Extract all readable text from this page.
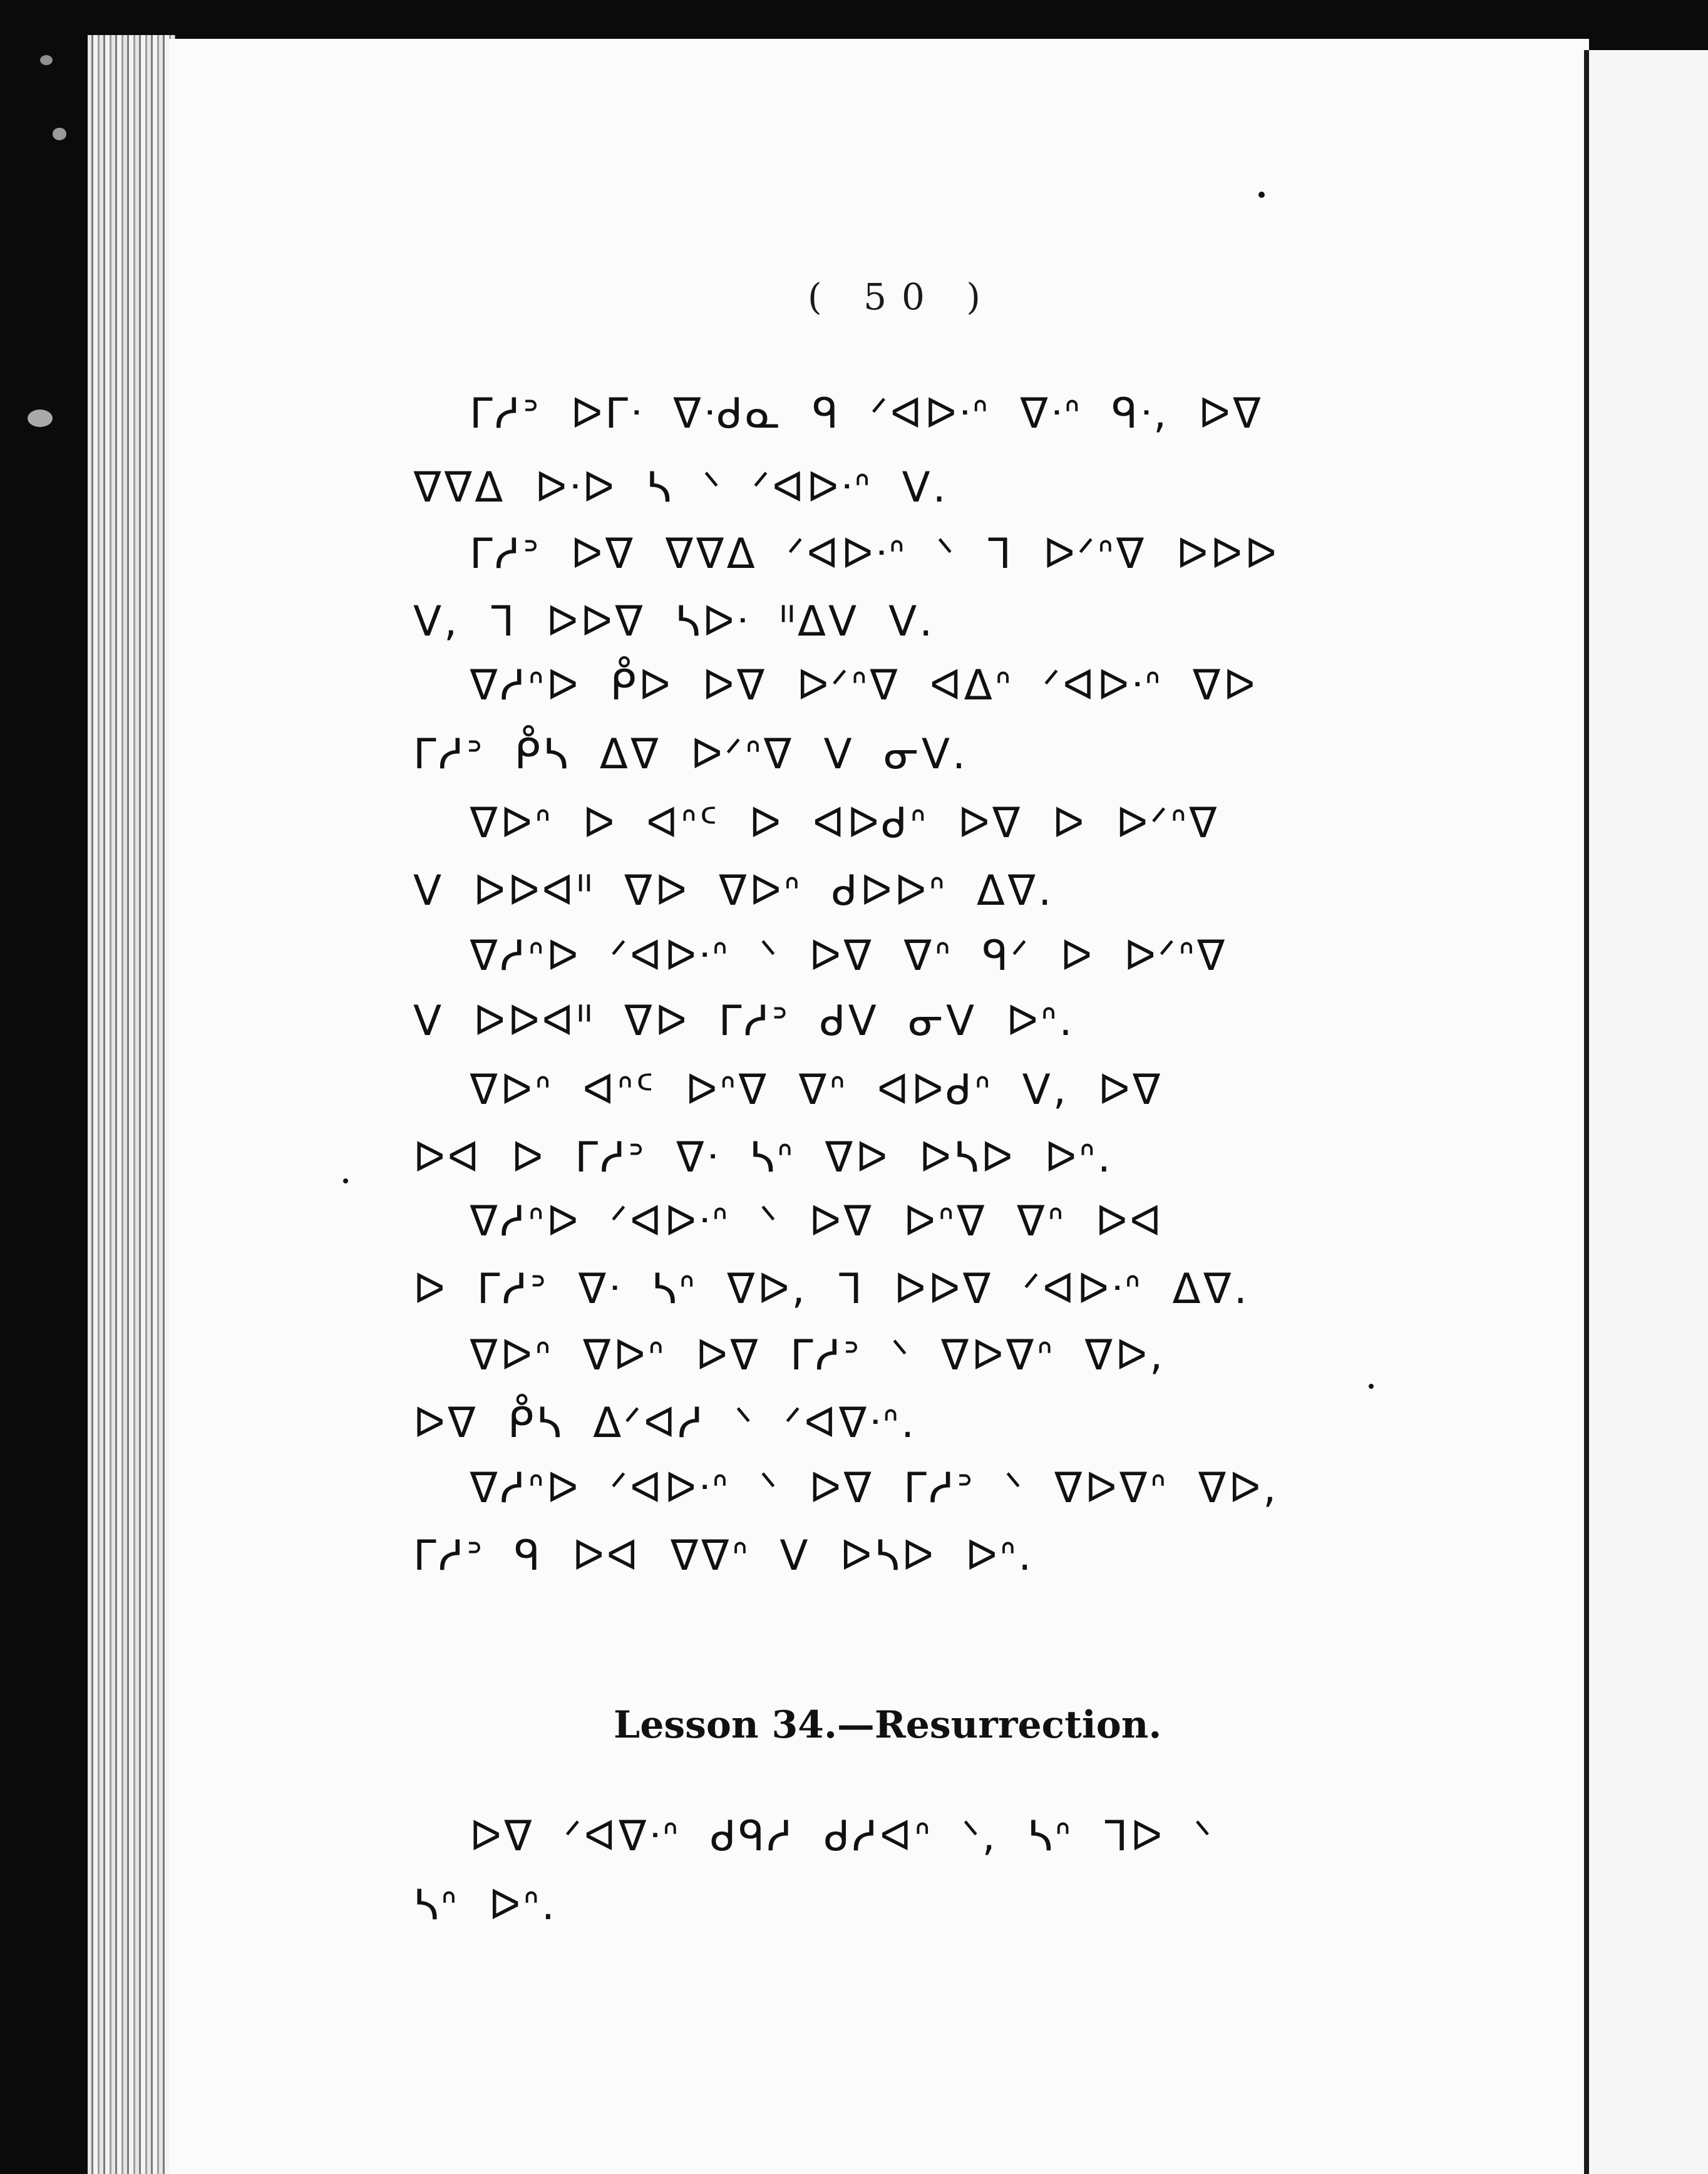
( 50 )
ᒥᓱᐣ ᐅᒥᐧ ᐁᐧᑯᓇ ᑫ ᐟᐊᐅᐧᐢ ᐁᐧᐢ ᑫᐧ, ᐅᐁ
ᐁᐁᐃ ᐅᐧᐅ ᓴ ᐠ ᐟᐊᐅᐧᐢ ᐯ.
ᒥᓱᐣ ᐅᐁ ᐁᐁᐃ ᐟᐊᐅᐧᐢ ᐠ ᒣ ᐅᐟᐢᐁ ᐅᐅᐅ
ᐯ, ᒣ ᐅᐅᐁ ᓴᐅᐧ ᐦᐃᐯ ᐯ.
ᐁᓱᐢᐅ ᑬᐅ ᐅᐁ ᐅᐟᐢᐁ ᐊᐃᐢ ᐟᐊᐅᐧᐢ ᐁᐅ
ᒥᓱᐣ ᑬᓴ ᐃᐁ ᐅᐟᐢᐁ ᐯ ᓂᐯ.
ᐁᐅᐢ ᐅ ᐊᐢᑦ ᐅ ᐊᐅᑯᐢ ᐅᐁ ᐅ ᐅᐟᐢᐁ
ᐯ ᐅᐅᐊᐦ ᐁᐅ ᐁᐅᐢ ᑯᐅᐅᐢ ᐃᐁ.
ᐁᓱᐢᐅ ᐟᐊᐅᐧᐢ ᐠ ᐅᐁ ᐁᐢ ᑫᐟ ᐅ ᐅᐟᐢᐁ
ᐯ ᐅᐅᐊᐦ ᐁᐅ ᒥᓱᐣ ᑯᐯ ᓂᐯ ᐅᐢ.
ᐁᐅᐢ ᐊᐢᑦ ᐅᐢᐁ ᐁᐢ ᐊᐅᑯᐢ ᐯ, ᐅᐁ
ᐅᐊ ᐅ ᒥᓱᐣ ᐁᐧ ᓴᐢ ᐁᐅ ᐅᓴᐅ ᐅᐢ.
ᐁᓱᐢᐅ ᐟᐊᐅᐧᐢ ᐠ ᐅᐁ ᐅᐢᐁ ᐁᐢ ᐅᐊ
ᐅ ᒥᓱᐣ ᐁᐧ ᓴᐢ ᐁᐅ, ᒣ ᐅᐅᐁ ᐟᐊᐅᐧᐢ ᐃᐁ.
ᐁᐅᐢ ᐁᐅᐢ ᐅᐁ ᒥᓱᐣ ᐠ ᐁᐅᐁᐢ ᐁᐅ,
ᐅᐁ ᑬᓴ ᐃᐟᐊᓱ ᐠ ᐟᐊᐁᐧᐢ.
ᐁᓱᐢᐅ ᐟᐊᐅᐧᐢ ᐠ ᐅᐁ ᒥᓱᐣ ᐠ ᐁᐅᐁᐢ ᐁᐅ,
ᒥᓱᐣ ᑫ ᐅᐊ ᐁᐁᐢ ᐯ ᐅᓴᐅ ᐅᐢ.
Lesson 34.—Resurrection.
ᐅᐁ ᐟᐊᐁᐧᐢ ᑯᑫᓱ ᑯᓱᐊᐢ ᐠ, ᓴᐢ ᒣᐅ ᐠ
ᓴᐢ ᐅᐢ.
